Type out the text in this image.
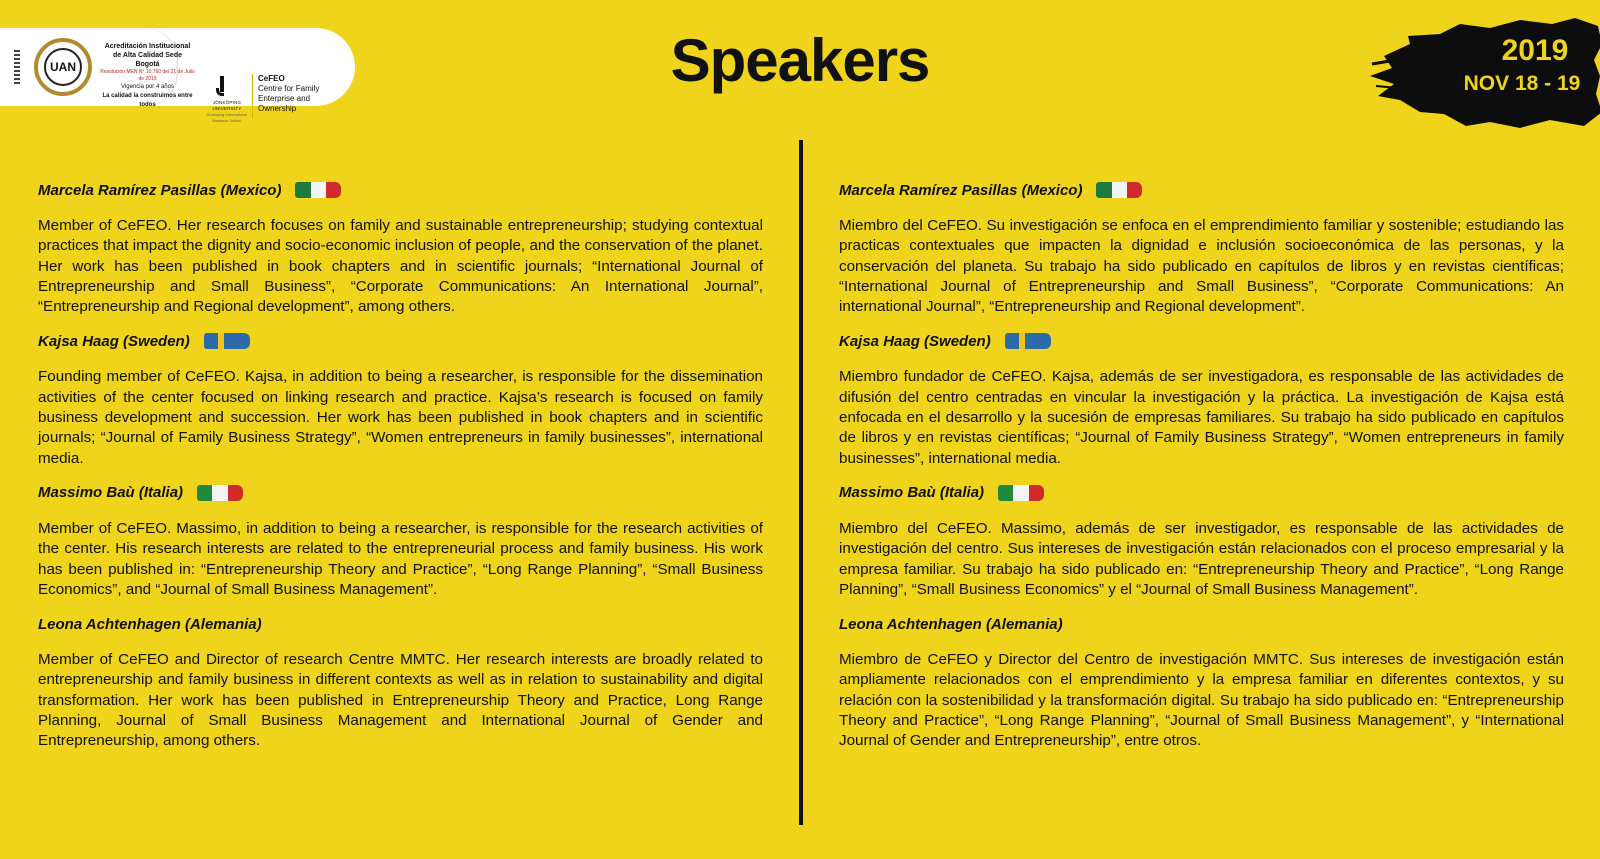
UAN
Acreditación Institucional
de Alta Calidad Sede Bogotá
Resolución MEN N° 10.760 del 21 de Julio de 2019
Vigencia por 4 años
La calidad la construimos entre todos	JÖNKÖPING UNIVERSITY
Jönköping International
Business School
CeFEO
Centre for Family
Enterprise and
Ownership
Speakers	2019
NOV 18 - 19
Marcela Ramírez Pasillas (Mexico)

Member of CeFEO. Her research focuses on family and sustainable entrepreneurship; studying contextual practices that impact the dignity and socio-economic inclusion of people, and the conservation of the planet. Her work has been published in book chapters and in scientific journals; “International Journal of Entrepreneurship and Small Business”, “Corporate Communications: An International Journal”, “Entrepreneurship and Regional development”, among others.

Kajsa Haag (Sweden)

Founding member of CeFEO. Kajsa, in addition to being a researcher, is responsible for the dissemination activities of the center focused on linking research and practice. Kajsa’s research is focused on family business development and succession. Her work has been published in book chapters and in scientific journals; “Journal of Family Business Strategy”, “Women entrepreneurs in family businesses”, international media.

Massimo Baù (Italia)

Member of CeFEO. Massimo, in addition to being a researcher, is responsible for the research activities of the center. His research interests are related to the entrepreneurial process and family business. His work has been published in: “Entrepreneurship Theory and Practice”, “Long Range Planning”, “Small Business Economics”, and “Journal of Small Business Management”.

Leona Achtenhagen (Alemania)

Member of CeFEO and Director of research Centre MMTC. Her research interests are broadly related to entrepreneurship and family business in different contexts as well as in relation to sustainability and digital transformation. Her work has been published in Entrepreneurship Theory and Practice, Long Range Planning, Journal of Small Business Management and International Journal of Gender and Entrepreneurship, among others.

Marcela Ramírez Pasillas (Mexico)

Miembro del CeFEO. Su investigación se enfoca en el emprendimiento familiar y sostenible; estudiando las practicas contextuales que impacten la dignidad e inclusión socioeconómica de las personas, y la conservación del planeta. Su trabajo ha sido publicado en capítulos de libros y en revistas científicas; “International Journal of Entrepreneurship and Small Business”, “Corporate Communications: An international Journal”, “Entrepreneurship and Regional development”.

Kajsa Haag (Sweden)

Miembro fundador de CeFEO. Kajsa, además de ser investigadora, es responsable de las actividades de difusión del centro centradas en vincular la investigación y la práctica. La investigación de Kajsa está enfocada en el desarrollo y la sucesión de empresas familiares. Su trabajo ha sido publicado en capítulos de libros y en revistas científicas; “Journal of Family Business Strategy”, “Women entrepreneurs in family businesses”, international media.

Massimo Baù (Italia)

Miembro del CeFEO. Massimo, además de ser investigador, es responsable de las actividades de investigación del centro. Sus intereses de investigación están relacionados con el proceso empresarial y la empresa familiar. Su trabajo ha sido publicado en: “Entrepreneurship Theory and Practice”, “Long Range Planning”, “Small Business Economics” y el “Journal of Small Business Management”.

Leona Achtenhagen (Alemania)

Miembro de CeFEO y Director del Centro de investigación MMTC. Sus intereses de investigación están ampliamente relacionados con el emprendimiento y la empresa familiar en diferentes contextos, y su relación con la sostenibilidad y la transformación digital. Su trabajo ha sido publicado en: “Entrepreneurship Theory and Practice”, “Long Range Planning”, “Journal of Small Business Management”, y “International Journal of Gender and Entrepreneurship”, entre otros.
